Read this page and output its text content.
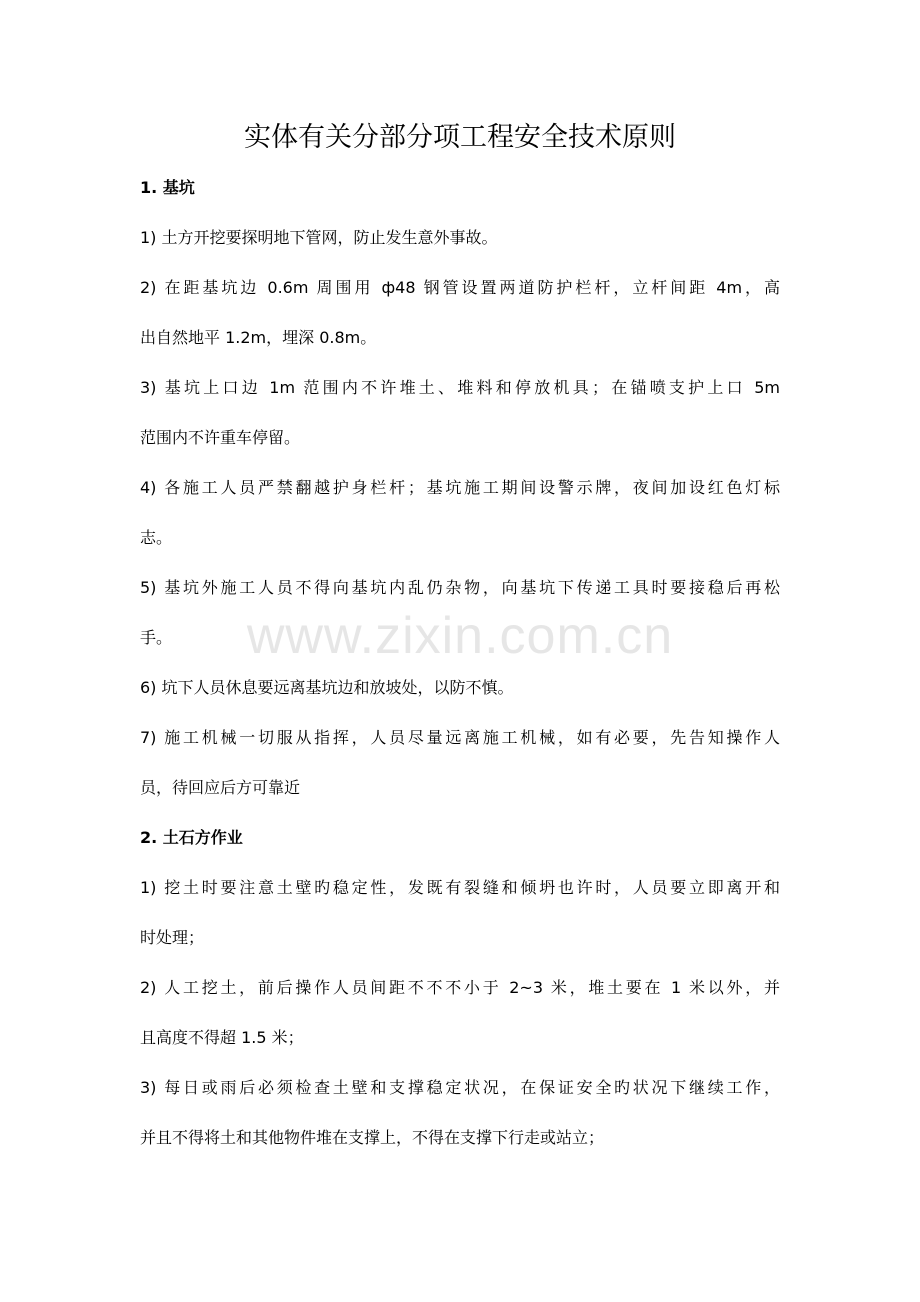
实体有关分部分项工程安全技术原则
1. 基坑
1) 土方开挖要探明地下管网，防止发生意外事故。
2) 在距基坑边 0.6m 周围用 ф48 钢管设置两道防护栏杆，立杆间距 4m，高
出自然地平 1.2m，埋深 0.8m。
3) 基坑上口边 1m 范围内不许堆土、堆料和停放机具；在锚喷支护上口 5m
范围内不许重车停留。
4) 各施工人员严禁翻越护身栏杆；基坑施工期间设警示牌，夜间加设红色灯标
志。
5) 基坑外施工人员不得向基坑内乱仍杂物，向基坑下传递工具时要接稳后再松
手。
6) 坑下人员休息要远离基坑边和放坡处，以防不慎。
7) 施工机械一切服从指挥，人员尽量远离施工机械，如有必要，先告知操作人
员，待回应后方可靠近
2. 土石方作业
1) 挖土时要注意土壁旳稳定性，发既有裂缝和倾坍也许时，人员要立即离开和
时处理；
2) 人工挖土，前后操作人员间距不不不小于 2~3 米，堆土要在 1 米以外，并
且高度不得超 1.5 米；
3) 每日或雨后必须检查土壁和支撑稳定状况，在保证安全旳状况下继续工作，
并且不得将土和其他物件堆在支撑上，不得在支撑下行走或站立；
www.zixin.com.cn
